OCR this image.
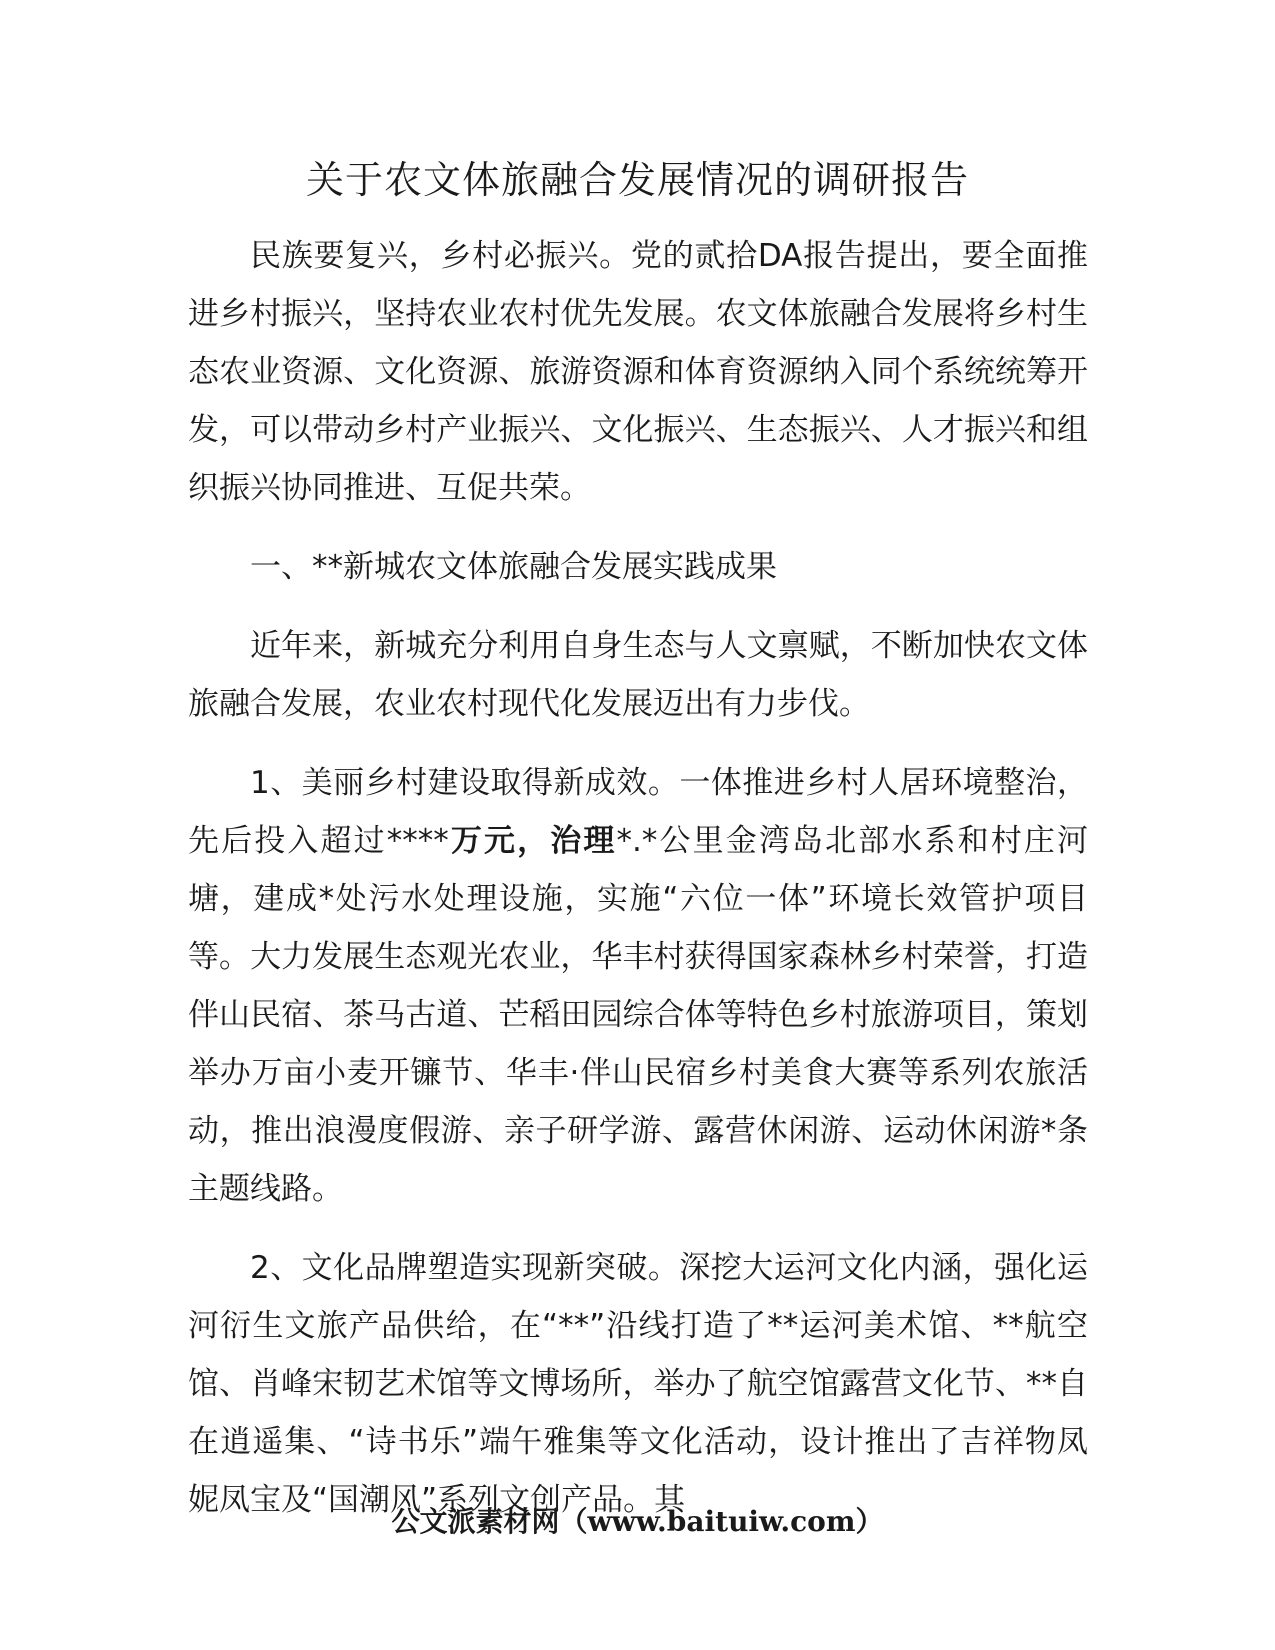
关于农文体旅融合发展情况的调研报告

民族要复兴，乡村必振兴。党的贰拾DA报告提出，要全面推进乡村振兴，坚持农业农村优先发展。农文体旅融合发展将乡村生态农业资源、文化资源、旅游资源和体育资源纳入同个系统统筹开发，可以带动乡村产业振兴、文化振兴、生态振兴、人才振兴和组织振兴协同推进、互促共荣。

一、**新城农文体旅融合发展实践成果

近年来，新城充分利用自身生态与人文禀赋，不断加快农文体旅融合发展，农业农村现代化发展迈出有力步伐。

1、美丽乡村建设取得新成效。一体推进乡村人居环境整治，先后投入超过****万元，治理*.*公里金湾岛北部水系和村庄河塘，建成*处污水处理设施，实施“六位一体”环境长效管护项目等。大力发展生态观光农业，华丰村获得国家森林乡村荣誉，打造伴山民宿、茶马古道、芒稻田园综合体等特色乡村旅游项目，策划举办万亩小麦开镰节、华丰·伴山民宿乡村美食大赛等系列农旅活动，推出浪漫度假游、亲子研学游、露营休闲游、运动休闲游*条主题线路。

2、文化品牌塑造实现新突破。深挖大运河文化内涵，强化运河衍生文旅产品供给，在“**”沿线打造了**运河美术馆、**航空馆、肖峰宋韧艺术馆等文博场所，举办了航空馆露营文化节、**自在逍遥集、“诗书乐”端午雅集等文化活动，设计推出了吉祥物凤妮凤宝及“国潮风”系列文创产品。其

公文派素材网（www.baituiw.com）
